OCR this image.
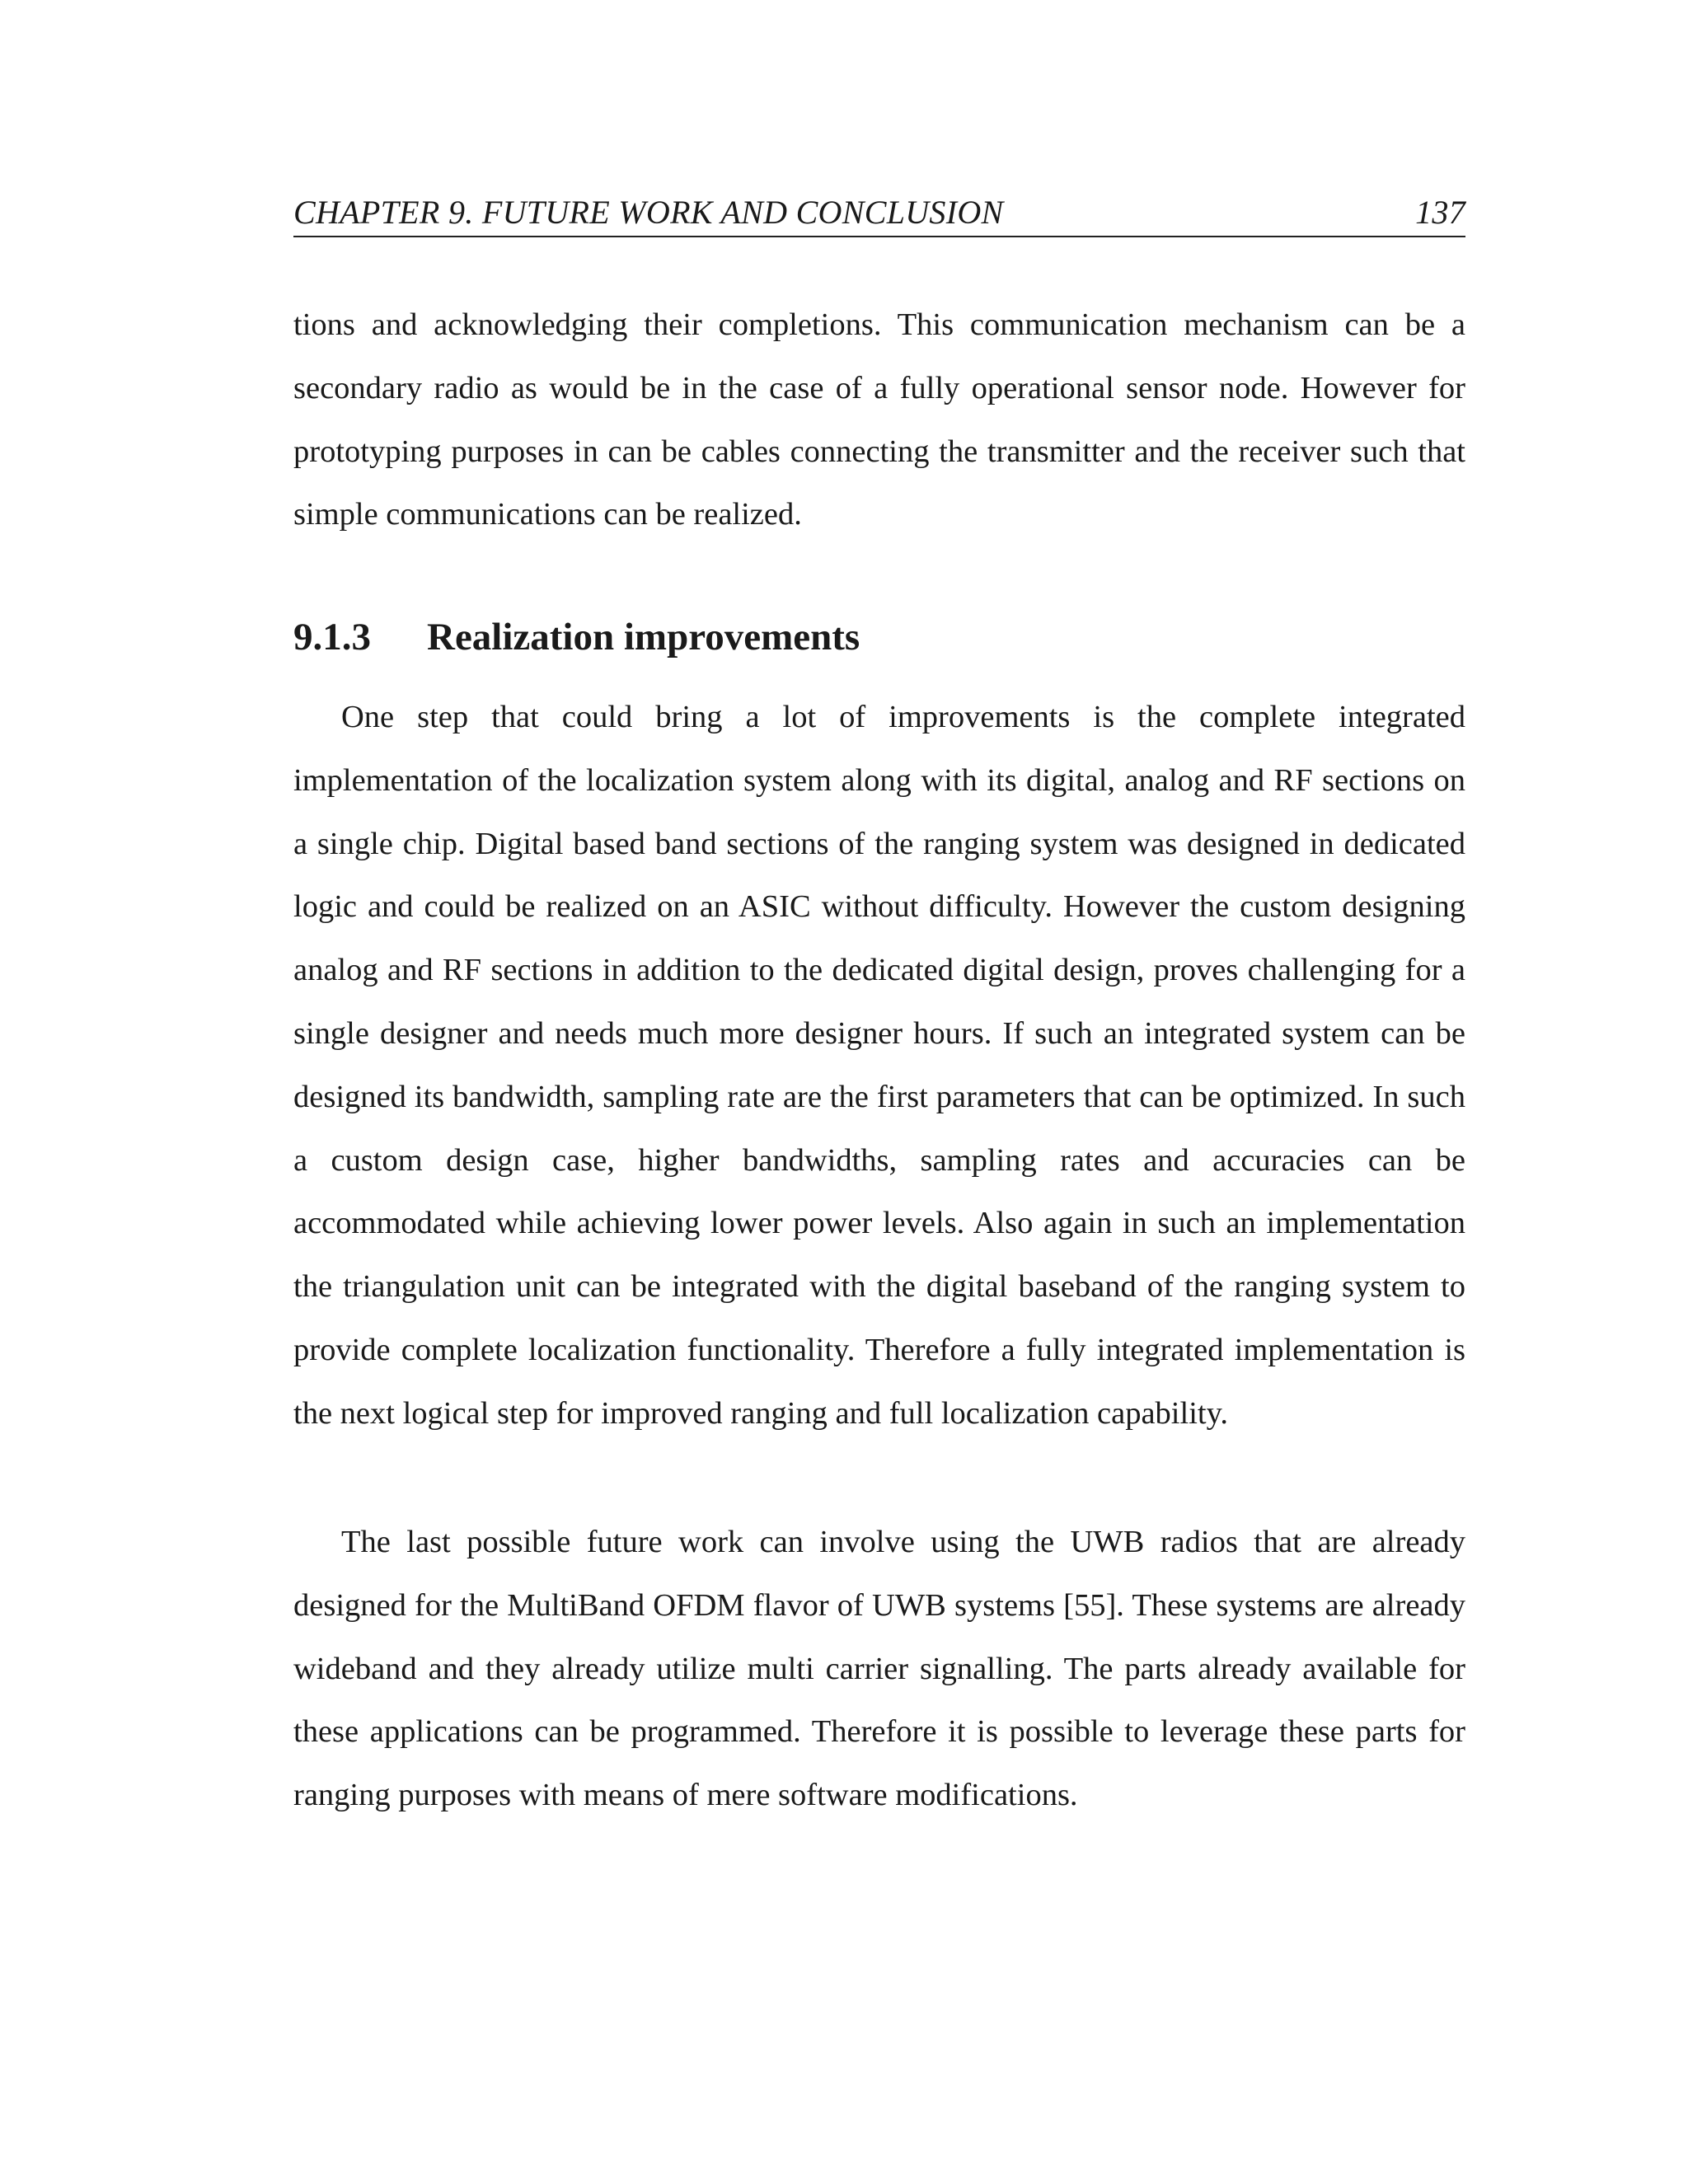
CHAPTER 9. FUTURE WORK AND CONCLUSION	137

tions and acknowledging their completions. This communication mechanism can be a secondary radio as would be in the case of a fully operational sensor node. However for prototyping purposes in can be cables connecting the transmitter and the receiver such that simple communications can be realized.

9.1.3 Realization improvements

One step that could bring a lot of improvements is the complete integrated implementation of the localization system along with its digital, analog and RF sections on a single chip. Digital based band sections of the ranging system was designed in dedicated logic and could be realized on an ASIC without difficulty. However the custom designing analog and RF sections in addition to the dedicated digital design, proves challenging for a single designer and needs much more designer hours. If such an integrated system can be designed its bandwidth, sampling rate are the first parameters that can be optimized. In such a custom design case, higher bandwidths, sampling rates and accuracies can be accommodated while achieving lower power levels. Also again in such an implementation the triangulation unit can be integrated with the digital baseband of the ranging system to provide complete localization functionality. Therefore a fully integrated implementation is the next logical step for improved ranging and full localization capability.

The last possible future work can involve using the UWB radios that are already designed for the MultiBand OFDM flavor of UWB systems [55]. These systems are already wideband and they already utilize multi carrier signalling. The parts already available for these applications can be programmed. Therefore it is possible to leverage these parts for ranging purposes with means of mere software modifications.
